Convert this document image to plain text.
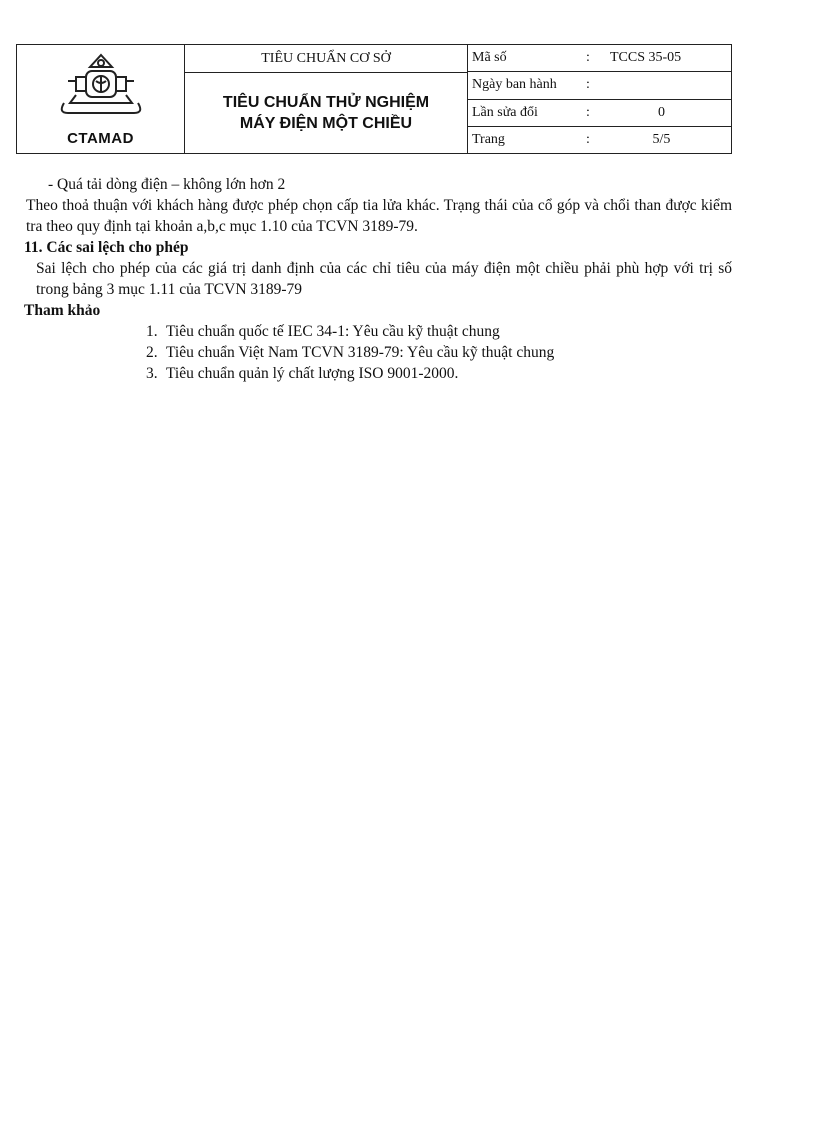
CTAMAD
TIÊU CHUẨN CƠ SỞ
TIÊU CHUẨN THỬ NGHIỆM
MÁY ĐIỆN MỘT CHIỀU
Mã số	:	TCCS 35-05
Ngày ban hành	:
Lần sửa đổi	:	0
Trang	:	5/5
- Quá tải dòng điện – không lớn hơn 2
Theo thoả thuận với khách hàng được phép chọn cấp tia lửa khác. Trạng thái của cổ góp và chổi than được kiểm tra theo quy định tại khoản a,b,c mục 1.10 của TCVN 3189-79.
11. Các sai lệch cho phép
Sai lệch cho phép của các giá trị danh định của các chỉ tiêu của máy điện một chiều phải phù hợp với trị số trong bảng 3 mục 1.11 của TCVN 3189-79
Tham khảo
1. Tiêu chuẩn quốc tế IEC 34-1: Yêu cầu kỹ thuật chung
2. Tiêu chuẩn Việt Nam TCVN 3189-79: Yêu cầu kỹ thuật chung
3. Tiêu chuẩn quản lý chất lượng ISO 9001-2000.
